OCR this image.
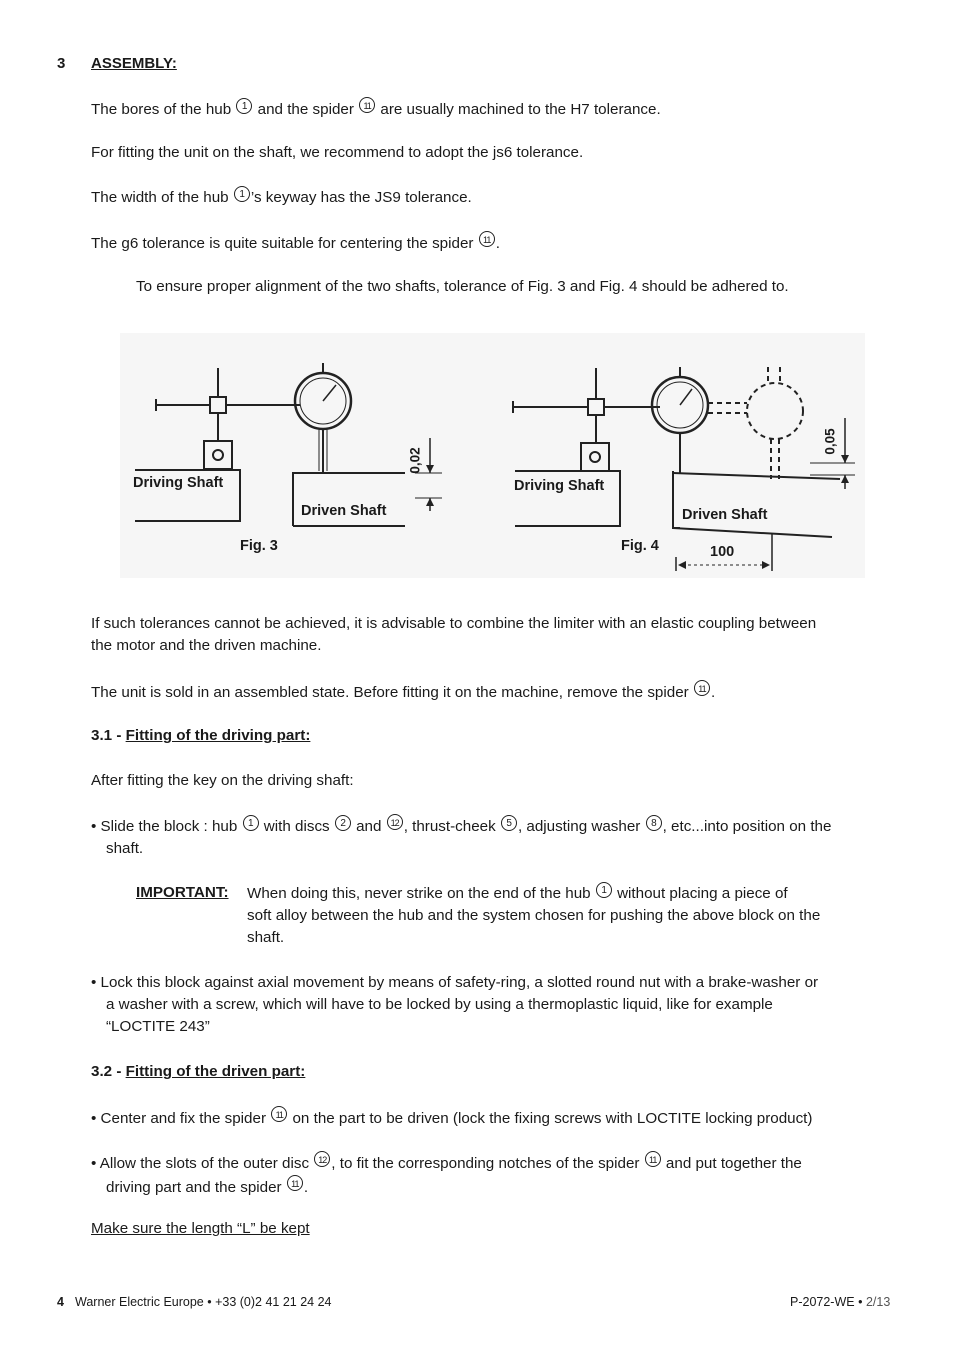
3 ASSEMBLY:
The bores of the hub 1 and the spider 11 are usually machined to the H7 tolerance.
For fitting the unit on the shaft, we recommend to adopt the js6 tolerance.
The width of the hub 1 ’s keyway has the JS9 tolerance.
The g6 tolerance is quite suitable for centering the spider 11 .
To ensure proper alignment of the two shafts, tolerance of Fig. 3 and Fig. 4 should be adhered to.
Driving Shaft
Driven Shaft
Fig. 3
0,02
Driving Shaft
Driven Shaft
Fig. 4	100
0,05
If such tolerances cannot be achieved, it is advisable to combine the limiter with an elastic coupling between
the motor and the driven machine.
The unit is sold in an assembled state. Before fitting it on the machine, remove the spider 11 .
3.1 - Fitting of the driving part:
After fitting the key on the driving shaft:
• Slide the block : hub 1 with discs 2 and 12 , thrust-cheek 5 , adjusting washer 8 , etc...into position on the
shaft.
IMPORTANT: When doing this, never strike on the end of the hub 1 without placing a piece of
soft alloy between the hub and the system chosen for pushing the above block on the
shaft.
• Lock this block against axial movement by means of safety-ring, a slotted round nut with a brake-washer or
a washer with a screw, which will have to be locked by using a thermoplastic liquid, like for example
“LOCTITE 243”
3.2 - Fitting of the driven part:
• Center and fix the spider 11 on the part to be driven (lock the fixing screws with LOCTITE locking product)
• Allow the slots of the outer disc 12 , to fit the corresponding notches of the spider 11 and put together the
driving part and the spider 11 .
Make sure the length “L” be kept
4 Warner Electric Europe • +33 (0)2 41 21 24 24	P-2072-WE • 2/13
